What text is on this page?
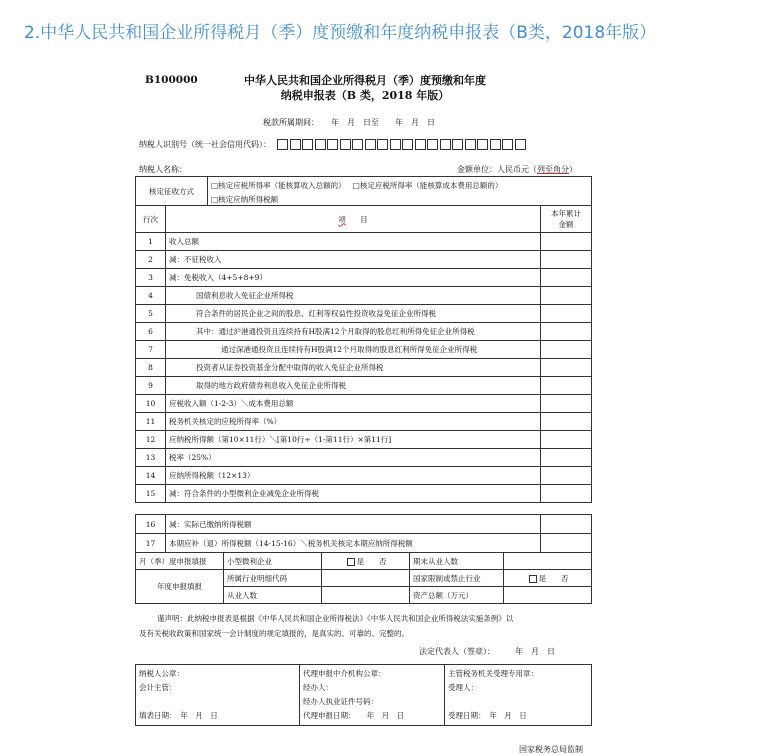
2.中华人民共和国企业所得税月（季）度预缴和年度纳税申报表（B类，2018年版）
B100000	中华人民共和国企业所得税月（季）度预缴和年度
纳税申报表（B 类，2018 年版）
税款所属期间：　　年　月　日至　　年　月　日
纳税人识别号（统一社会信用代码）：
纳税人名称：	金额单位：人民币元（列至角分）
核定征收方式		□核定应税所得率（能核算收入总额的） □核定应税所得率（能核算成本费用总额的）	
		□核定应纳所得税额	
行次	项 目		本年累计
金额
1	收入总额		
2	减：不征税收入		
3	减：免税收入（4+5+8+9）		
4	国债利息收入免征企业所得税		
5	符合条件的居民企业之间的股息、红利等权益性投资收益免征企业所得税		
6	其中：通过沪港通投资且连续持有H股满12个月取得的股息红利所得免征企业所得税		
7	通过深港通投资且连续持有H股满12个月取得的股息红利所得免征企业所得税		
8	投资者从证券投资基金分配中取得的收入免征企业所得税		
9	取得的地方政府债券利息收入免征企业所得税		
10	应税收入额（1-2-3）＼成本费用总额		
11	税务机关核定的应税所得率（%）		
12	应纳税所得额（第10×11行）＼[第10行÷（1-第11行）×第11行]		
13	税率（25%）		
14	应纳所得税额（12×13）		
15	减：符合条件的小型微利企业减免企业所得税		
16	减：实际已缴纳所得税额	
17	本期应补（退）所得税额（14-15-16）＼税务机关核定本期应纳所得税额	
月（季）度申报填报	小型微利企业	是　　否	期末从业人数	
年度申报填报	所属行业明细代码		国家限制或禁止行业	是　　否
	从业人数		资产总额（万元）	
谨声明：此纳税申报表是根据《中华人民共和国企业所得税法》《中华人民共和国企业所得税法实施条例》以
及有关税收政策和国家统一会计制度的规定填报的，是真实的、可靠的、完整的。
法定代表人（签章）：　　　年　月　日
纳税人公章：
会计主管：
填表日期：　年　月　日

代理申报中介机构公章：
经办人：
经办人执业证件号码：
代理申报日期：　　年　月　日

主管税务机关受理专用章：
受理人：
受理日期：　年　月　日
国家税务总局监制
